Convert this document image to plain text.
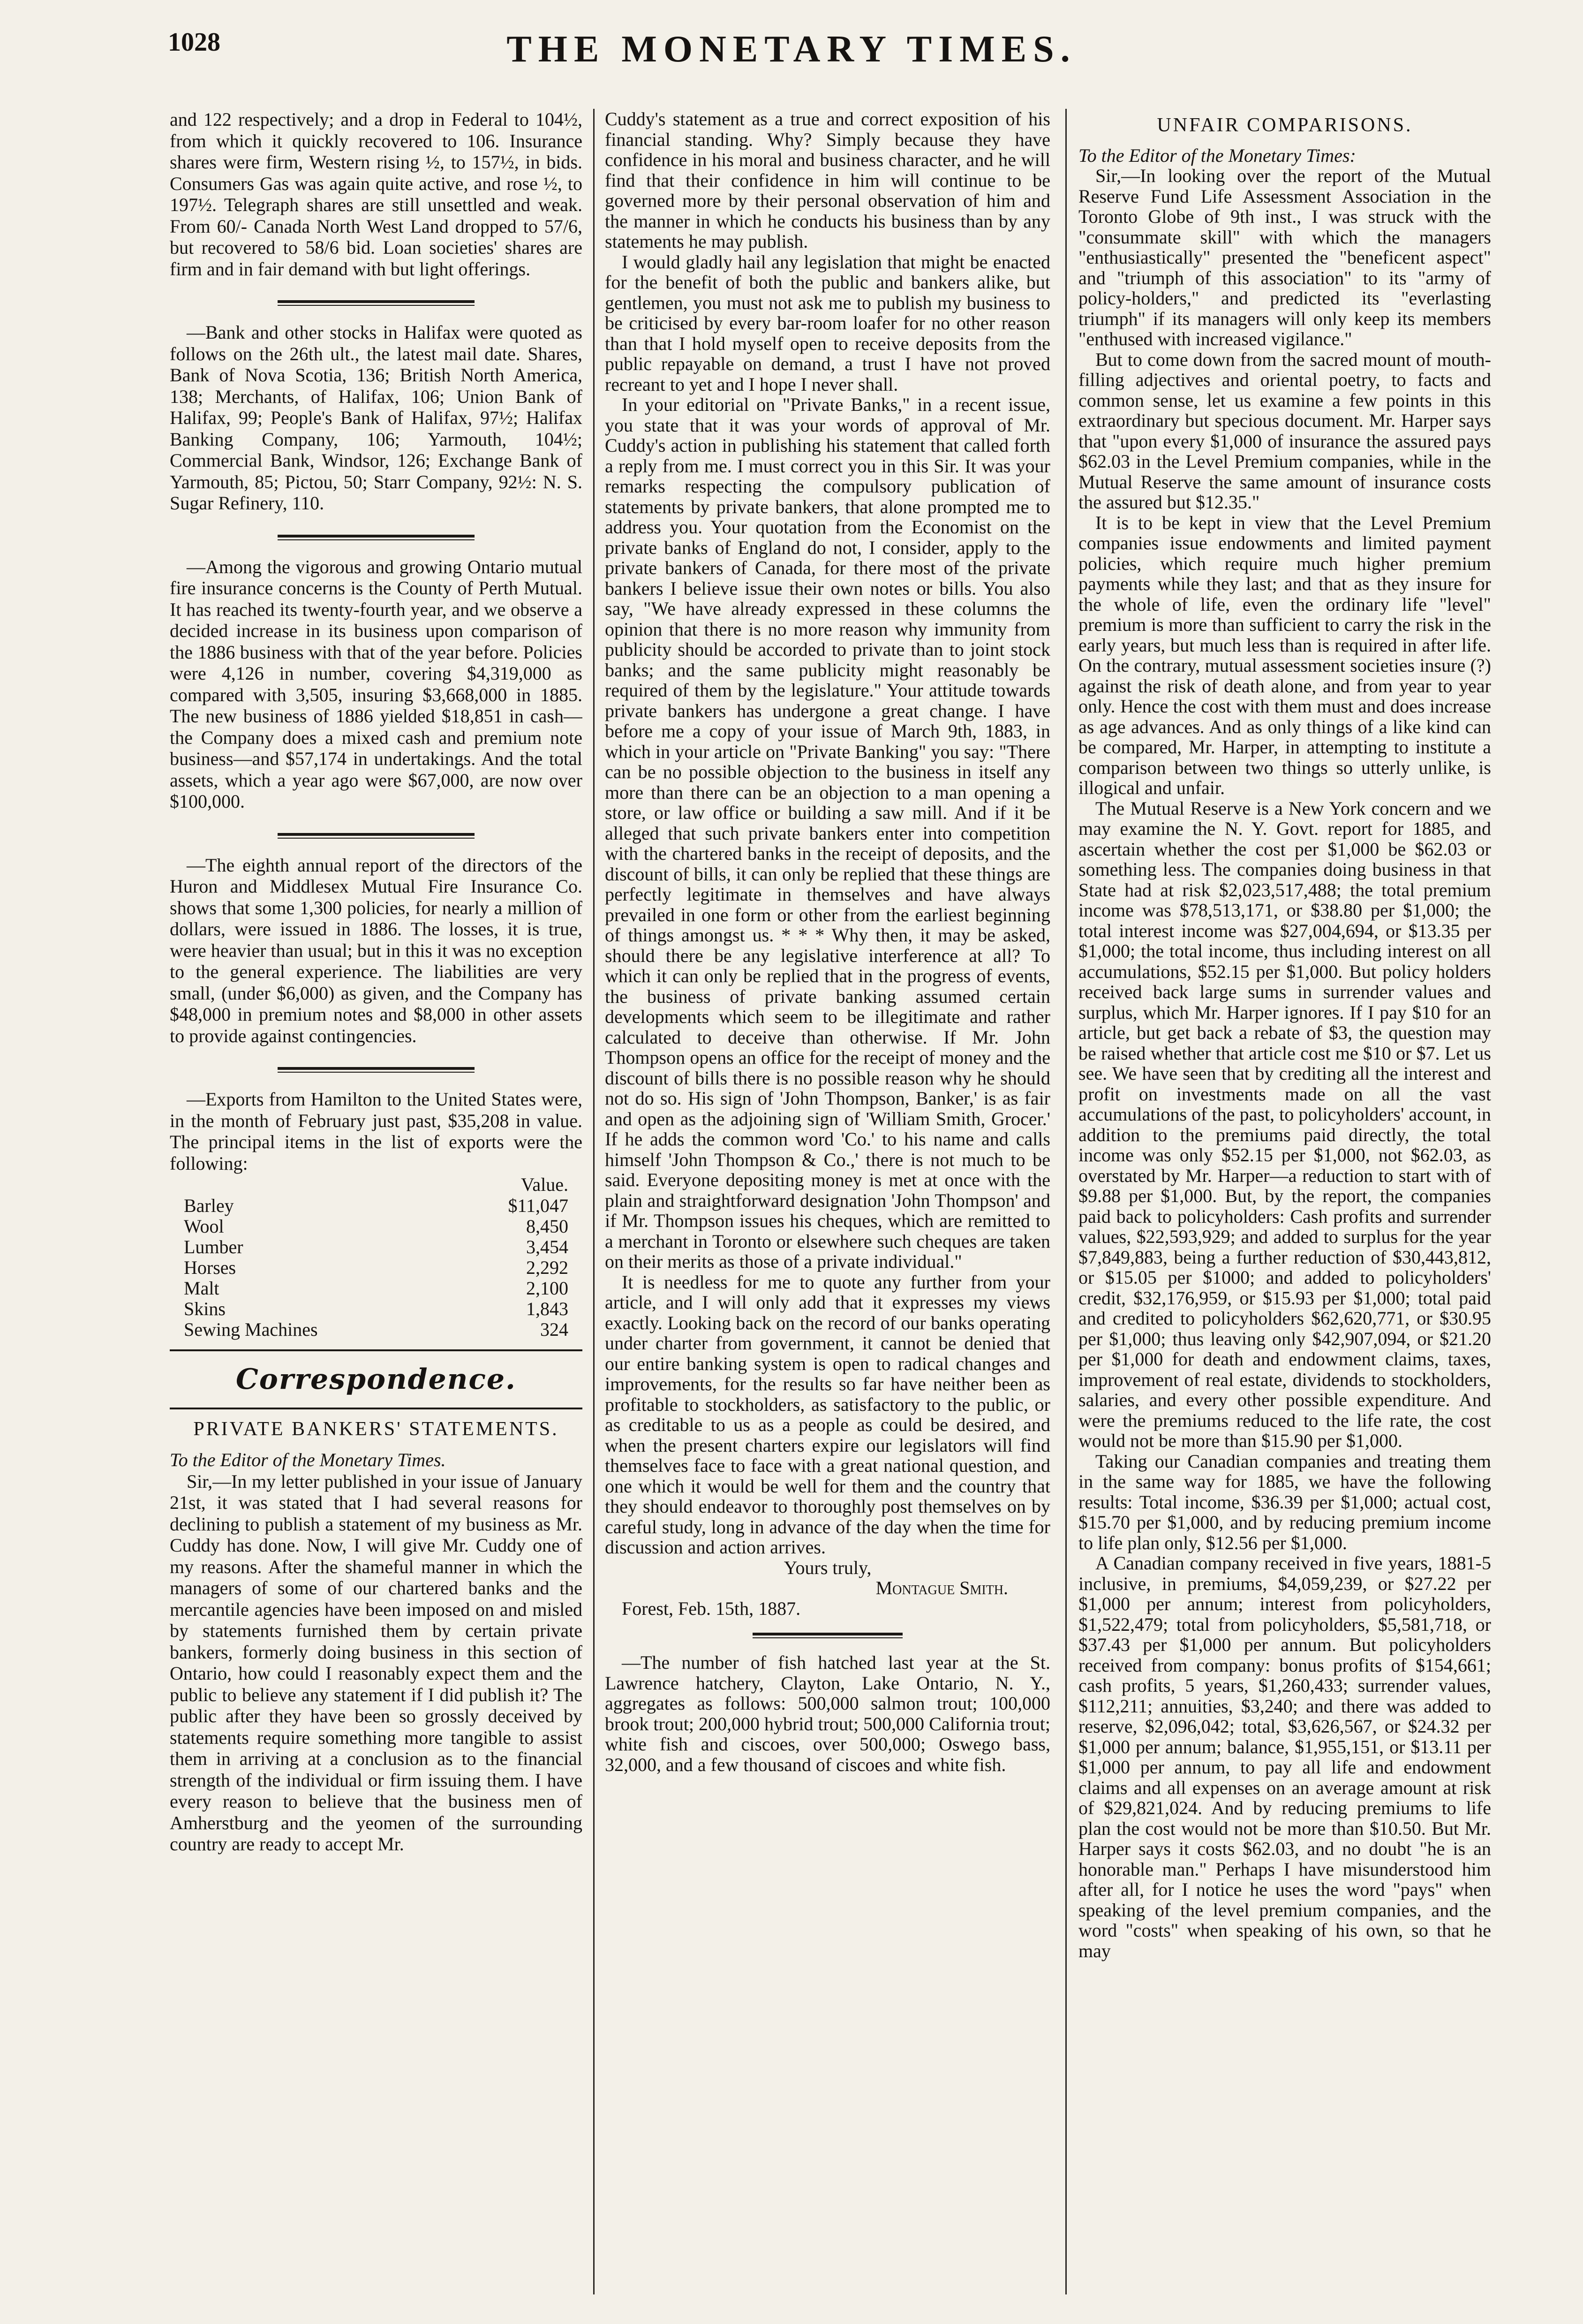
1028	THE MONETARY TIMES.

and 122 respectively; and a drop in Federal to 104½, from which it quickly recovered to 106. Insurance shares were firm, Western rising ½, to 157½, in bids. Consumers Gas was again quite active, and rose ½, to 197½. Telegraph shares are still unsettled and weak. From 60/- Canada North West Land dropped to 57/6, but recovered to 58/6 bid. Loan societies' shares are firm and in fair demand with but light offerings.

—Bank and other stocks in Halifax were quoted as follows on the 26th ult., the latest mail date. Shares, Bank of Nova Scotia, 136; British North America, 138; Merchants, of Halifax, 106; Union Bank of Halifax, 99; People's Bank of Halifax, 97½; Halifax Banking Company, 106; Yarmouth, 104½; Commercial Bank, Windsor, 126; Exchange Bank of Yarmouth, 85; Pictou, 50; Starr Company, 92½: N. S. Sugar Refinery, 110.

—Among the vigorous and growing Ontario mutual fire insurance concerns is the County of Perth Mutual. It has reached its twenty-fourth year, and we observe a decided increase in its business upon comparison of the 1886 business with that of the year before. Policies were 4,126 in number, covering $4,319,000 as compared with 3,505, insuring $3,668,000 in 1885. The new business of 1886 yielded $18,851 in cash—the Company does a mixed cash and premium note business—and $57,174 in undertakings. And the total assets, which a year ago were $67,000, are now over $100,000.

—The eighth annual report of the directors of the Huron and Middlesex Mutual Fire Insurance Co. shows that some 1,300 policies, for nearly a million of dollars, were issued in 1886. The losses, it is true, were heavier than usual; but in this it was no exception to the general experience. The liabilities are very small, (under $6,000) as given, and the Company has $48,000 in premium notes and $8,000 in other assets to provide against contingencies.

—Exports from Hamilton to the United States were, in the month of February just past, $35,208 in value. The principal items in the list of exports were the following:

Value.
Barley	$11,047
Wool	8,450
Lumber	3,454
Horses	2,292
Malt	2,100
Skins	1,843
Sewing Machines	324
Correspondence.
PRIVATE BANKERS' STATEMENTS.

To the Editor of the Monetary Times.

Sir,—In my letter published in your issue of January 21st, it was stated that I had several reasons for declining to publish a statement of my business as Mr. Cuddy has done. Now, I will give Mr. Cuddy one of my reasons. After the shameful manner in which the managers of some of our chartered banks and the mercantile agencies have been imposed on and misled by statements furnished them by certain private bankers, formerly doing business in this section of Ontario, how could I reasonably expect them and the public to believe any statement if I did publish it? The public after they have been so grossly deceived by statements require something more tangible to assist them in arriving at a conclusion as to the financial strength of the individual or firm issuing them. I have every reason to believe that the business men of Amherstburg and the yeomen of the surrounding country are ready to accept Mr.

Cuddy's statement as a true and correct exposition of his financial standing. Why? Simply because they have confidence in his moral and business character, and he will find that their confidence in him will continue to be governed more by their personal observation of him and the manner in which he conducts his business than by any statements he may publish.

I would gladly hail any legislation that might be enacted for the benefit of both the public and bankers alike, but gentlemen, you must not ask me to publish my business to be criticised by every bar-room loafer for no other reason than that I hold myself open to receive deposits from the public repayable on demand, a trust I have not proved recreant to yet and I hope I never shall.

In your editorial on "Private Banks," in a recent issue, you state that it was your words of approval of Mr. Cuddy's action in publishing his statement that called forth a reply from me. I must correct you in this Sir. It was your remarks respecting the compulsory publication of statements by private bankers, that alone prompted me to address you. Your quotation from the Economist on the private banks of England do not, I consider, apply to the private bankers of Canada, for there most of the private bankers I believe issue their own notes or bills. You also say, "We have already expressed in these columns the opinion that there is no more reason why immunity from publicity should be accorded to private than to joint stock banks; and the same publicity might reasonably be required of them by the legislature." Your attitude towards private bankers has undergone a great change. I have before me a copy of your issue of March 9th, 1883, in which in your article on "Private Banking" you say: "There can be no possible objection to the business in itself any more than there can be an objection to a man opening a store, or law office or building a saw mill. And if it be alleged that such private bankers enter into competition with the chartered banks in the receipt of deposits, and the discount of bills, it can only be replied that these things are perfectly legitimate in themselves and have always prevailed in one form or other from the earliest beginning of things amongst us. * * * Why then, it may be asked, should there be any legislative interference at all? To which it can only be replied that in the progress of events, the business of private banking assumed certain developments which seem to be illegitimate and rather calculated to deceive than otherwise. If Mr. John Thompson opens an office for the receipt of money and the discount of bills there is no possible reason why he should not do so. His sign of 'John Thompson, Banker,' is as fair and open as the adjoining sign of 'William Smith, Grocer.' If he adds the common word 'Co.' to his name and calls himself 'John Thompson & Co.,' there is not much to be said. Everyone depositing money is met at once with the plain and straightforward designation 'John Thompson' and if Mr. Thompson issues his cheques, which are remitted to a merchant in Toronto or elsewhere such cheques are taken on their merits as those of a private individual."

It is needless for me to quote any further from your article, and I will only add that it expresses my views exactly. Looking back on the record of our banks operating under charter from government, it cannot be denied that our entire banking system is open to radical changes and improvements, for the results so far have neither been as profitable to stockholders, as satisfactory to the public, or as creditable to us as a people as could be desired, and when the present charters expire our legislators will find themselves face to face with a great national question, and one which it would be well for them and the country that they should endeavor to thoroughly post themselves on by careful study, long in advance of the day when the time for discussion and action arrives.

Yours truly,

Montague Smith.

Forest, Feb. 15th, 1887.

—The number of fish hatched last year at the St. Lawrence hatchery, Clayton, Lake Ontario, N. Y., aggregates as follows: 500,000 salmon trout; 100,000 brook trout; 200,000 hybrid trout; 500,000 California trout; white fish and ciscoes, over 500,000; Oswego bass, 32,000, and a few thousand of ciscoes and white fish.

UNFAIR COMPARISONS.

To the Editor of the Monetary Times:

Sir,—In looking over the report of the Mutual Reserve Fund Life Assessment Association in the Toronto Globe of 9th inst., I was struck with the "consummate skill" with which the managers "enthusiastically" presented the "beneficent aspect" and "triumph of this association" to its "army of policy-holders," and predicted its "everlasting triumph" if its managers will only keep its members "enthused with increased vigilance."

But to come down from the sacred mount of mouth-filling adjectives and oriental poetry, to facts and common sense, let us examine a few points in this extraordinary but specious document. Mr. Harper says that "upon every $1,000 of insurance the assured pays $62.03 in the Level Premium companies, while in the Mutual Reserve the same amount of insurance costs the assured but $12.35."

It is to be kept in view that the Level Premium companies issue endowments and limited payment policies, which require much higher premium payments while they last; and that as they insure for the whole of life, even the ordinary life "level" premium is more than sufficient to carry the risk in the early years, but much less than is required in after life. On the contrary, mutual assessment societies insure (?) against the risk of death alone, and from year to year only. Hence the cost with them must and does increase as age advances. And as only things of a like kind can be compared, Mr. Harper, in attempting to institute a comparison between two things so utterly unlike, is illogical and unfair.

The Mutual Reserve is a New York concern and we may examine the N. Y. Govt. report for 1885, and ascertain whether the cost per $1,000 be $62.03 or something less. The companies doing business in that State had at risk $2,023,517,488; the total premium income was $78,513,171, or $38.80 per $1,000; the total interest income was $27,004,694, or $13.35 per $1,000; the total income, thus including interest on all accumulations, $52.15 per $1,000. But policy holders received back large sums in surrender values and surplus, which Mr. Harper ignores. If I pay $10 for an article, but get back a rebate of $3, the question may be raised whether that article cost me $10 or $7. Let us see. We have seen that by crediting all the interest and profit on investments made on all the vast accumulations of the past, to policyholders' account, in addition to the premiums paid directly, the total income was only $52.15 per $1,000, not $62.03, as overstated by Mr. Harper—a reduction to start with of $9.88 per $1,000. But, by the report, the companies paid back to policyholders: Cash profits and surrender values, $22,593,929; and added to surplus for the year $7,849,883, being a further reduction of $30,443,812, or $15.05 per $1000; and added to policyholders' credit, $32,176,959, or $15.93 per $1,000; total paid and credited to policyholders $62,620,771, or $30.95 per $1,000; thus leaving only $42,907,094, or $21.20 per $1,000 for death and endowment claims, taxes, improvement of real estate, dividends to stockholders, salaries, and every other possible expenditure. And were the premiums reduced to the life rate, the cost would not be more than $15.90 per $1,000.

Taking our Canadian companies and treating them in the same way for 1885, we have the following results: Total income, $36.39 per $1,000; actual cost, $15.70 per $1,000, and by reducing premium income to life plan only, $12.56 per $1,000.

A Canadian company received in five years, 1881-5 inclusive, in premiums, $4,059,239, or $27.22 per $1,000 per annum; interest from policyholders, $1,522,479; total from policyholders, $5,581,718, or $37.43 per $1,000 per annum. But policyholders received from company: bonus profits of $154,661; cash profits, 5 years, $1,260,433; surrender values, $112,211; annuities, $3,240; and there was added to reserve, $2,096,042; total, $3,626,567, or $24.32 per $1,000 per annum; balance, $1,955,151, or $13.11 per $1,000 per annum, to pay all life and endowment claims and all expenses on an average amount at risk of $29,821,024. And by reducing premiums to life plan the cost would not be more than $10.50. But Mr. Harper says it costs $62.03, and no doubt "he is an honorable man." Perhaps I have misunderstood him after all, for I notice he uses the word "pays" when speaking of the level premium companies, and the word "costs" when speaking of his own, so that he may
